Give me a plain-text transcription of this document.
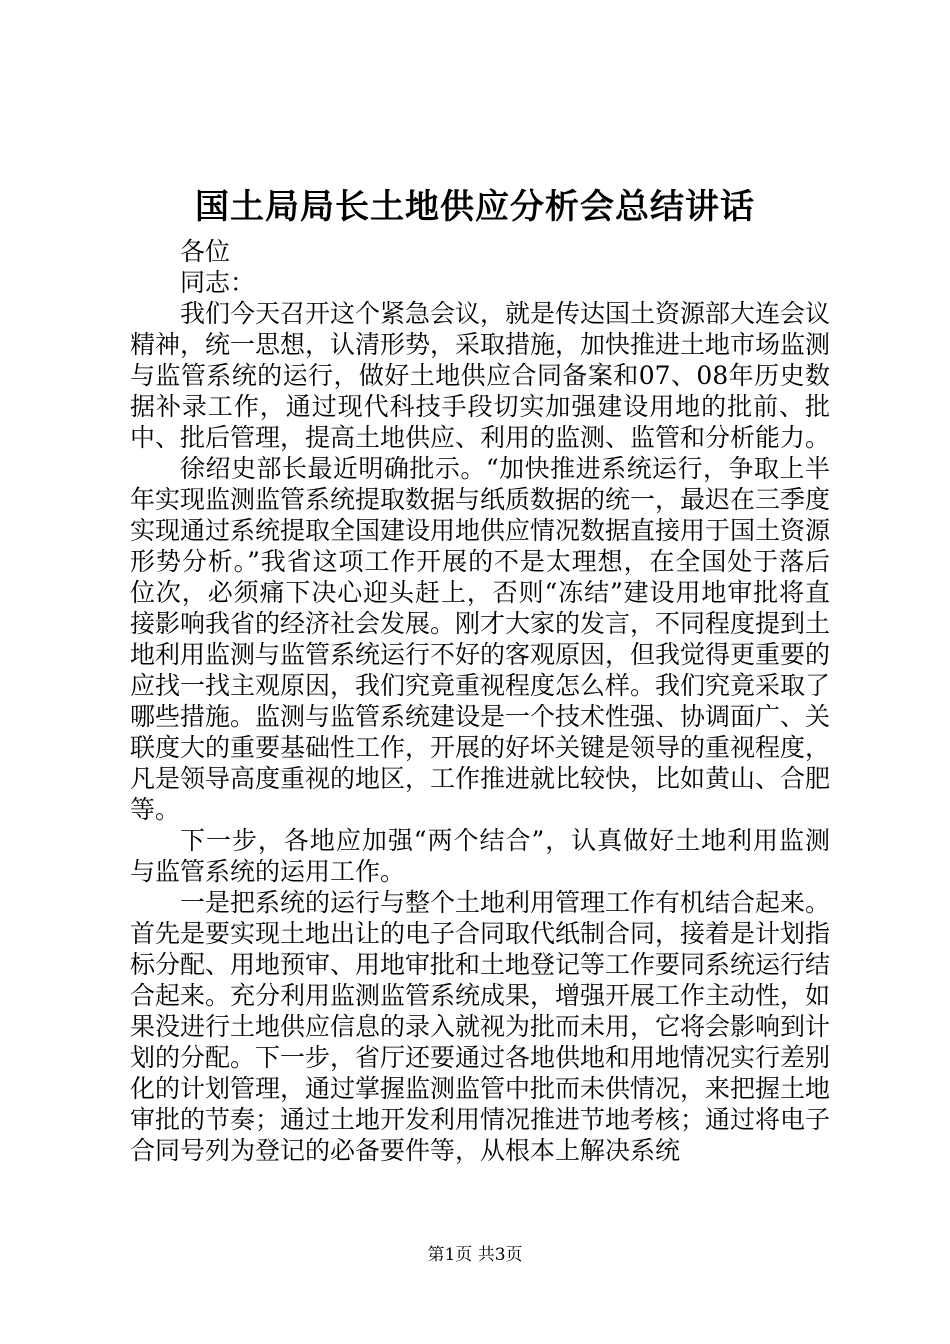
国土局局长土地供应分析会总结讲话

各位

同志：

我们今天召开这个紧急会议，就是传达国土资源部大连会议精神，统一思想，认清形势，采取措施，加快推进土地市场监测与监管系统的运行，做好土地供应合同备案和07、08年历史数据补录工作，通过现代科技手段切实加强建设用地的批前、批中、批后管理，提高土地供应、利用的监测、监管和分析能力。

徐绍史部长最近明确批示。“加快推进系统运行，争取上半年实现监测监管系统提取数据与纸质数据的统一，最迟在三季度实现通过系统提取全国建设用地供应情况数据直接用于国土资源形势分析。”我省这项工作开展的不是太理想，在全国处于落后位次，必须痛下决心迎头赶上，否则“冻结”建设用地审批将直接影响我省的经济社会发展。刚才大家的发言，不同程度提到土地利用监测与监管系统运行不好的客观原因，但我觉得更重要的应找一找主观原因，我们究竟重视程度怎么样。我们究竟采取了哪些措施。监测与监管系统建设是一个技术性强、协调面广、关联度大的重要基础性工作，开展的好坏关键是领导的重视程度，凡是领导高度重视的地区，工作推进就比较快，比如黄山、合肥等。

下一步，各地应加强“两个结合”，认真做好土地利用监测与监管系统的运用工作。

一是把系统的运行与整个土地利用管理工作有机结合起来。首先是要实现土地出让的电子合同取代纸制合同，接着是计划指标分配、用地预审、用地审批和土地登记等工作要同系统运行结合起来。充分利用监测监管系统成果，增强开展工作主动性，如果没进行土地供应信息的录入就视为批而未用，它将会影响到计划的分配。下一步，省厅还要通过各地供地和用地情况实行差别化的计划管理，通过掌握监测监管中批而未供情况，来把握土地审批的节奏；通过土地开发利用情况推进节地考核；通过将电子合同号列为登记的必备要件等，从根本上解决系统

第1页 共3页
